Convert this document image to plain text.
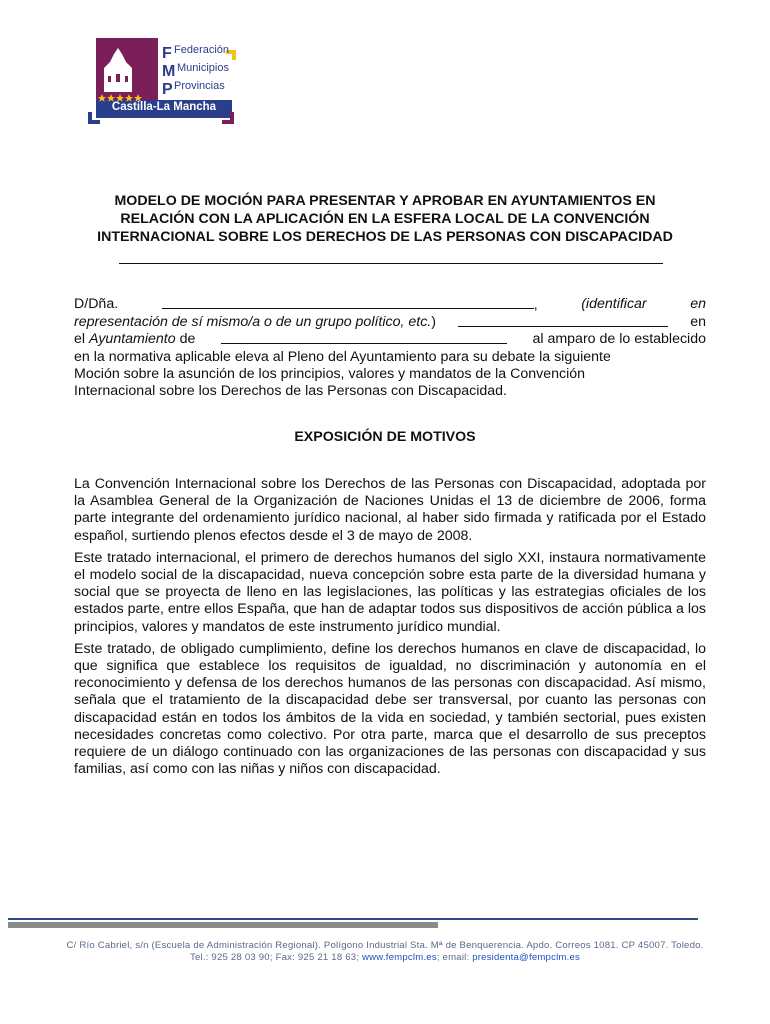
F
M
P
Federación
Municipios
Provincias
Castilla-La Mancha
MODELO DE MOCIÓN PARA PRESENTAR Y APROBAR EN AYUNTAMIENTOS EN
RELACIÓN CON LA APLICACIÓN EN LA ESFERA LOCAL DE LA CONVENCIÓN
INTERNACIONAL SOBRE LOS DERECHOS DE LAS PERSONAS CON DISCAPACIDAD
D/Dña.	,	(identificar	en
representación de sí mismo/a o de un grupo político, etc.)	en
el Ayuntamiento de	al amparo de lo establecido
en la normativa aplicable eleva al Pleno del Ayuntamiento para su debate la siguiente
Moción sobre la asunción de los principios, valores y mandatos de la Convención
Internacional sobre los Derechos de las Personas con Discapacidad.
EXPOSICIÓN DE MOTIVOS

La Convención Internacional sobre los Derechos de las Personas con Discapacidad, adoptada por la Asamblea General de la Organización de Naciones Unidas el 13 de diciembre de 2006, forma parte integrante del ordenamiento jurídico nacional, al haber sido firmada y ratificada por el Estado español, surtiendo plenos efectos desde el 3 de mayo de 2008.

Este tratado internacional, el primero de derechos humanos del siglo XXI, instaura normativamente el modelo social de la discapacidad, nueva concepción sobre esta parte de la diversidad humana y social que se proyecta de lleno en las legislaciones, las políticas y las estrategias oficiales de los estados parte, entre ellos España, que han de adaptar todos sus dispositivos de acción pública a los principios, valores y mandatos de este instrumento jurídico mundial.

Este tratado, de obligado cumplimiento, define los derechos humanos en clave de discapacidad, lo que significa que establece los requisitos de igualdad, no discriminación y autonomía en el reconocimiento y defensa de los derechos humanos de las personas con discapacidad. Así mismo, señala que el tratamiento de la discapacidad debe ser transversal, por cuanto las personas con discapacidad están en todos los ámbitos de la vida en sociedad, y también sectorial, pues existen necesidades concretas como colectivo. Por otra parte, marca que el desarrollo de sus preceptos requiere de un diálogo continuado con las organizaciones de las personas con discapacidad y sus familias, así como con las niñas y niños con discapacidad.

C/ Río Cabriel, s/n (Escuela de Administración Regional). Polígono Industrial Sta. Mª de Benquerencia. Apdo. Correos 1081. CP 45007. Toledo.
Tel.: 925 28 03 90; Fax: 925 21 18 63; www.fempclm.es; email: presidenta@fempclm.es
